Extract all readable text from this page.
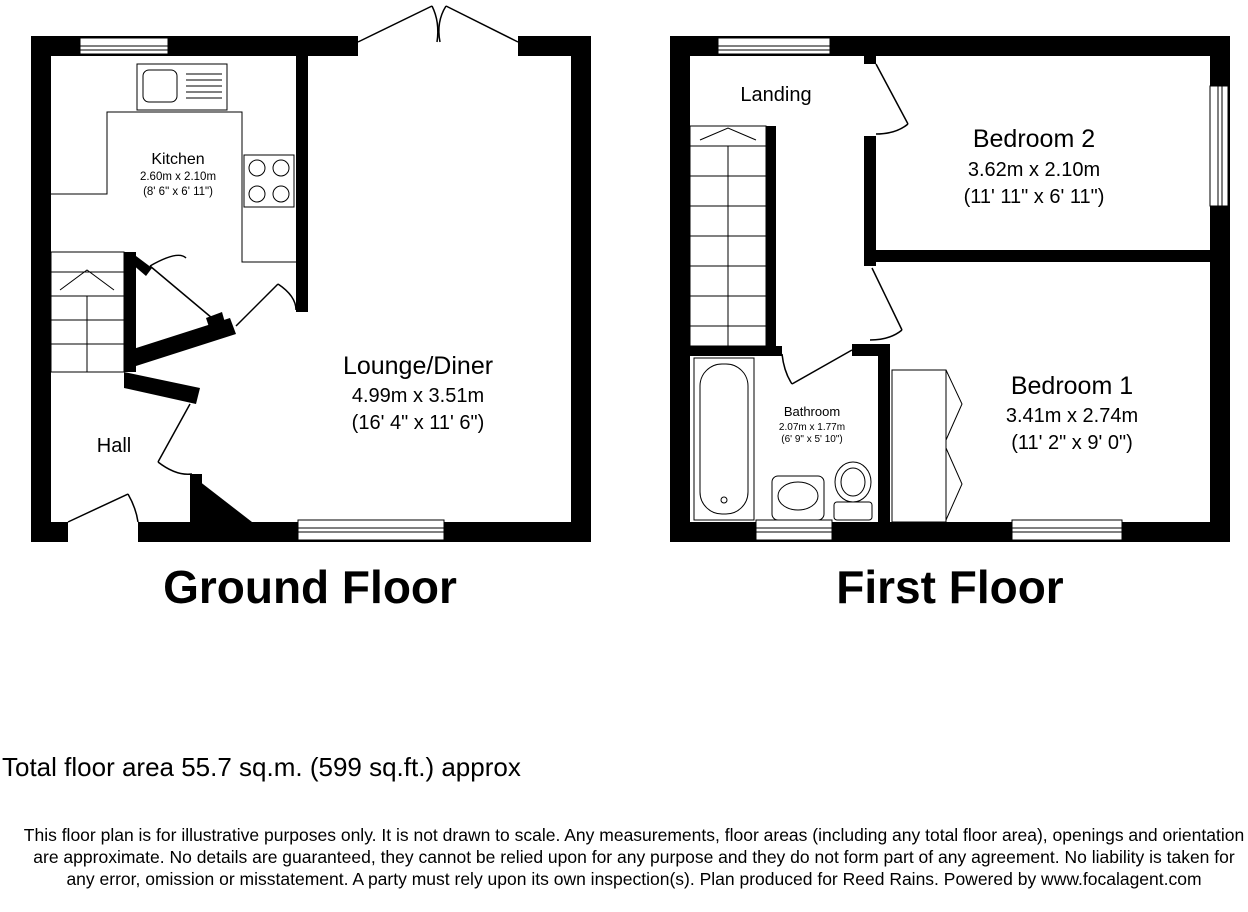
Kitchen
2.60m x 2.10m
(8' 6" x 6' 11")
Lounge/Diner
4.99m x 3.51m
(16' 4" x 11' 6")
Hall
Landing
Bedroom 2
3.62m x 2.10m
(11' 11" x 6' 11")
Bedroom 1
3.41m x 2.74m
(11' 2" x 9' 0")
Bathroom
2.07m x 1.77m
(6' 9" x 5' 10")
Ground Floor	First Floor
Total floor area 55.7 sq.m. (599 sq.ft.) approx
This floor plan is for illustrative purposes only. It is not drawn to scale. Any measurements, floor areas (including any total floor area), openings and orientation are approximate. No details are guaranteed, they cannot be relied upon for any purpose and they do not form part of any agreement. No liability is taken for any error, omission or misstatement. A party must rely upon its own inspection(s). Plan produced for Reed Rains. Powered by www.focalagent.com
